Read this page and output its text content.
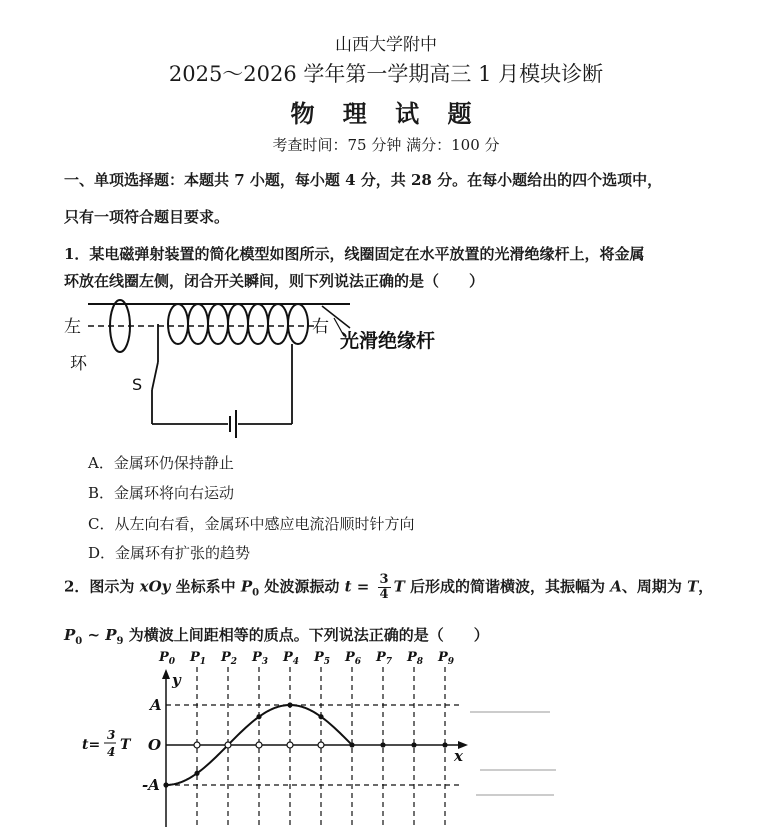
山西大学附中
2025～2026 学年第一学期高三 1 月模块诊断
物 理 试 题
考查时间：75 分钟 满分：100 分
一、单项选择题：本题共 7 小题，每小题 4 分，共 28 分。在每小题给出的四个选项中，
只有一项符合题目要求。
1．某电磁弹射装置的简化模型如图所示，线圈固定在水平放置的光滑绝缘杆上，将金属
环放在线圈左侧，闭合开关瞬间，则下列说法正确的是（　　）
左	右
环
S
光滑绝缘杆
A．金属环仍保持静止
B．金属环将向右运动
C．从左向右看，金属环中感应电流沿顺时针方向
D．金属环有扩张的趋势
2．图示为 xOy 坐标系中 $P_0$ 处波源振动 $t = \frac{3}{4}$ T 后形成的简谐横波，其振幅为 A、周期为 T，
$P_0$ ~ $P_9$ 为横波上间距相等的质点。下列说法正确的是（　　）
$P_0$ $P_1$ $P_2$ $P_3$ $P_4$ $P_5$ $P_6$ $P_7$ $P_8$ $P_9$
y
x
A
O
-A
t=
3
4 T
